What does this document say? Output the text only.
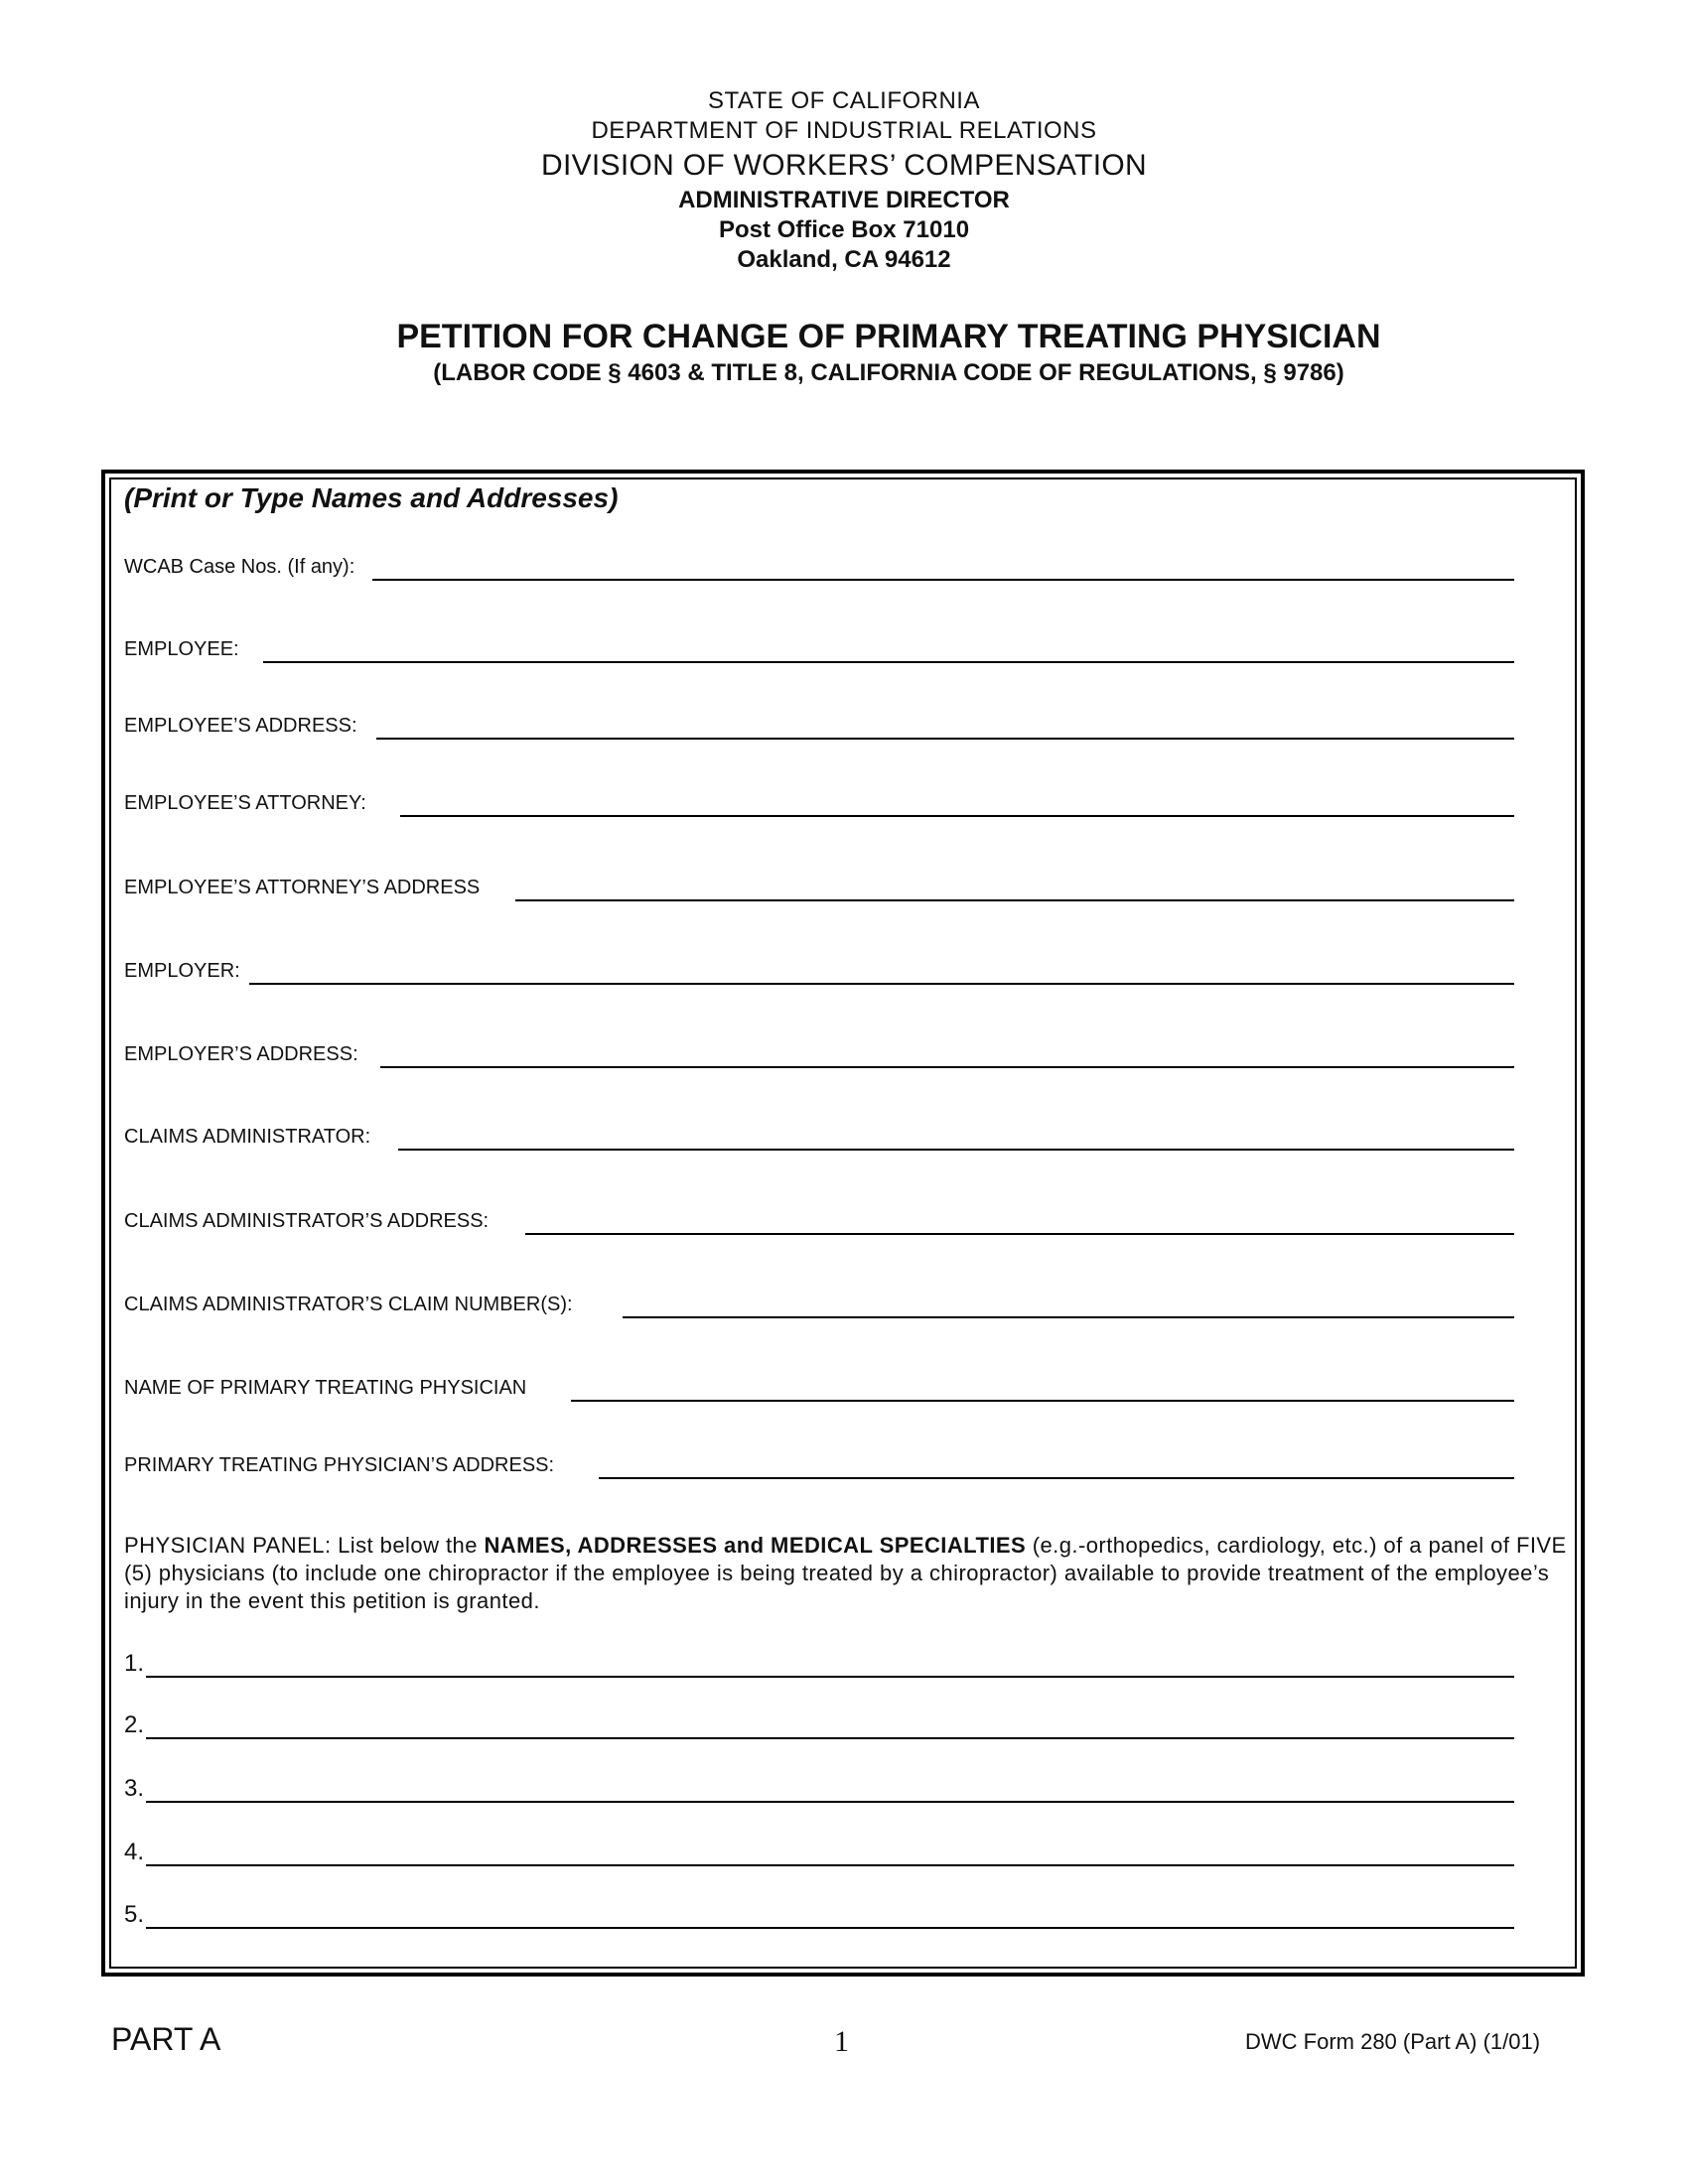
STATE OF CALIFORNIA
DEPARTMENT OF INDUSTRIAL RELATIONS
DIVISION OF WORKERS’ COMPENSATION
ADMINISTRATIVE DIRECTOR
Post Office Box 71010
Oakland, CA 94612
PETITION FOR CHANGE OF PRIMARY TREATING PHYSICIAN
(LABOR CODE § 4603 & TITLE 8, CALIFORNIA CODE OF REGULATIONS, § 9786)
(Print or Type Names and Addresses)
WCAB Case Nos. (If any):
EMPLOYEE:
EMPLOYEE’S ADDRESS:
EMPLOYEE’S ATTORNEY:
EMPLOYEE’S ATTORNEY’S ADDRESS
EMPLOYER:
EMPLOYER’S ADDRESS:
CLAIMS ADMINISTRATOR:
CLAIMS ADMINISTRATOR’S ADDRESS:
CLAIMS ADMINISTRATOR’S CLAIM NUMBER(S):
NAME OF PRIMARY TREATING PHYSICIAN
PRIMARY TREATING PHYSICIAN’S ADDRESS:
PHYSICIAN PANEL: List below the NAMES, ADDRESSES and MEDICAL SPECIALTIES (e.g.-orthopedics, cardiology, etc.) of a panel of FIVE (5) physicians (to include one chiropractor if the employee is being treated by a chiropractor) available to provide treatment of the employee’s injury in the event this petition is granted.
1.
2.
3.
4.
5.
PART A	1	DWC Form 280 (Part A) (1/01)
